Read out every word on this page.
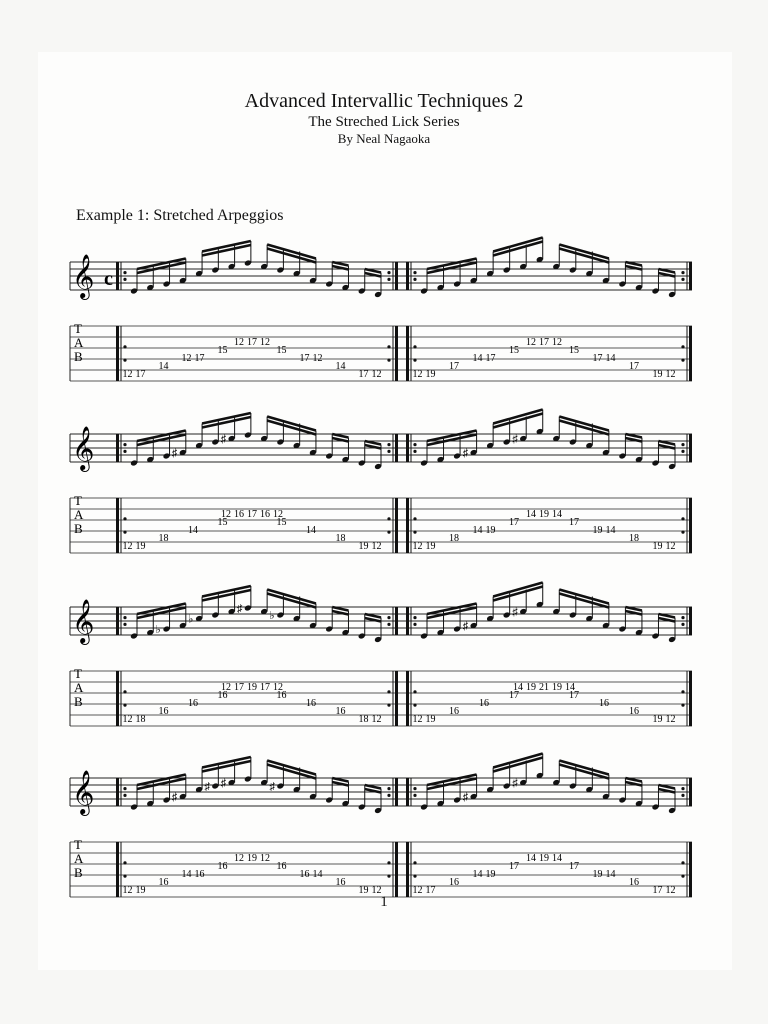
Advanced Intervallic Techniques 2
The Streched Lick Series
By Neal Nagaoka
Example 1: Stretched Arpeggios
𝄞 c
T
A
B
12 17
14
12 17
15
12 17 12
15
17 12
14
17 12	12 19
17
14 17
15
12 17 12
15
17 14
17
19 12
𝄞
T
A
B
♯
♯
12 19
18
14
15
12 16 17 16 12
15
14
18
19 12
♯
♯
12 19
18
14 19
17
14 19 14
17
19 14
18
19 12
𝄞
T
A
B
♭
♭
♯
♭
12 18
16
16
16
12 17 19 17 12
16
16
16
18 12
♯
♯
12 19
16
16
17
14 19 21 19 14
17
16
16
19 12
𝄞
T
A
B
♯
♯ ♯	♯
12 19
16
14 16
16
12 19 12
16
16 14
16
19 12
♯
♯
12 17
16
14 19
17
14 19 14
17
19 14
16
17 12
1
